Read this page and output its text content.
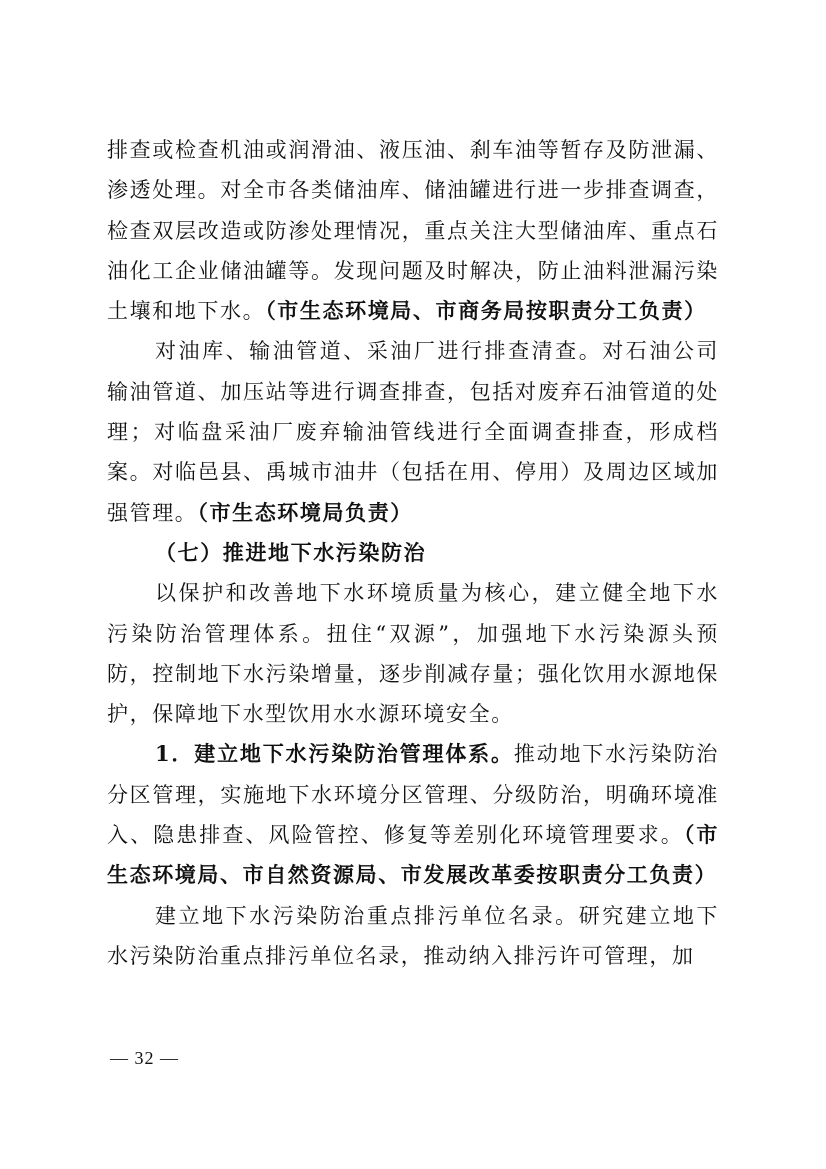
排查或检查机油或润滑油、液压油、刹车油等暂存及防泄漏、渗透处理。对全市各类储油库、储油罐进行进一步排查调查，检查双层改造或防渗处理情况，重点关注大型储油库、重点石油化工企业储油罐等。发现问题及时解决，防止油料泄漏污染土壤和地下水。（市生态环境局、市商务局按职责分工负责）

对油库、输油管道、采油厂进行排查清查。对石油公司输油管道、加压站等进行调查排查，包括对废弃石油管道的处理；对临盘采油厂废弃输油管线进行全面调查排查，形成档案。对临邑县、禹城市油井（包括在用、停用）及周边区域加强管理。（市生态环境局负责）

（七）推进地下水污染防治

以保护和改善地下水环境质量为核心，建立健全地下水污染防治管理体系。扭住“双源”，加强地下水污染源头预防，控制地下水污染增量，逐步削减存量；强化饮用水源地保护，保障地下水型饮用水水源环境安全。

1．建立地下水污染防治管理体系。推动地下水污染防治分区管理，实施地下水环境分区管理、分级防治，明确环境准入、隐患排查、风险管控、修复等差别化环境管理要求。（市生态环境局、市自然资源局、市发展改革委按职责分工负责）

建立地下水污染防治重点排污单位名录。研究建立地下水污染防治重点排污单位名录，推动纳入排污许可管理，加

— 32 —
